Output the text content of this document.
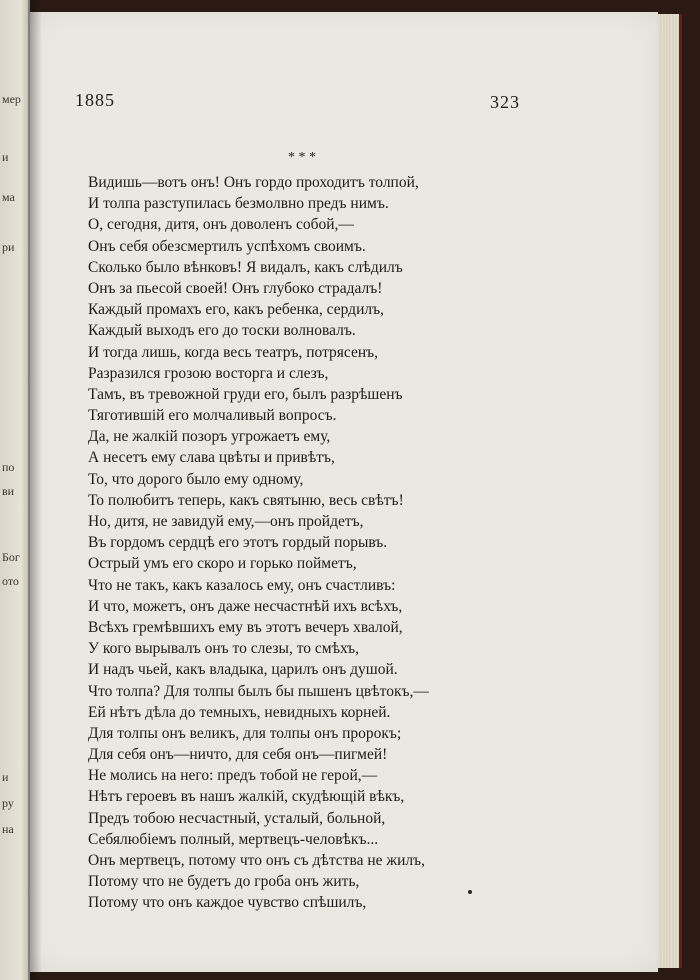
мер
и
ма
ри
по
ви
Бог
ото
и
ру
на
1885	323
* * *
Видишь—вотъ онъ! Онъ гордо проходитъ толпой,
И толпа разступилась безмолвно предъ нимъ.
О, сегодня, дитя, онъ доволенъ собой,—
Онъ себя обезсмертилъ успѣхомъ своимъ.
Сколько было вѣнковъ! Я видалъ, какъ слѣдилъ
Онъ за пьесой своей! Онъ глубоко страдалъ!
Каждый промахъ его, какъ ребенка, сердилъ,
Каждый выходъ его до тоски волновалъ.
И тогда лишь, когда весь театръ, потрясенъ,
Разразился грозою восторга и слезъ,
Тамъ, въ тревожной груди его, былъ разрѣшенъ
Тяготившій его молчаливый вопросъ.
Да, не жалкій позоръ угрожаетъ ему,
А несетъ ему слава цвѣты и привѣтъ,
То, что дорого было ему одному,
То полюбитъ теперь, какъ святыню, весь свѣтъ!
Но, дитя, не завидуй ему,—онъ пройдетъ,
Въ гордомъ сердцѣ его этотъ гордый порывъ.
Острый умъ его скоро и горько пойметъ,
Что не такъ, какъ казалось ему, онъ счастливъ:
И что, можетъ, онъ даже несчастнѣй ихъ всѣхъ,
Всѣхъ гремѣвшихъ ему въ этотъ вечеръ хвалой,
У кого вырывалъ онъ то слезы, то смѣхъ,
И надъ чьей, какъ владыка, царилъ онъ душой.
Что толпа? Для толпы былъ бы пышенъ цвѣтокъ,—
Ей нѣтъ дѣла до темныхъ, невидныхъ корней.
Для толпы онъ великъ, для толпы онъ пророкъ;
Для себя онъ—ничто, для себя онъ—пигмей!
Не молись на него: предъ тобой не герой,—
Нѣтъ героевъ въ нашъ жалкій, скудѣющій вѣкъ,
Предъ тобою несчастный, усталый, больной,
Себялюбіемъ полный, мертвецъ-человѣкъ...
Онъ мертвецъ, потому что онъ съ дѣтства не жилъ,
Потому что не будетъ до гроба онъ жить,
Потому что онъ каждое чувство спѣшилъ,
